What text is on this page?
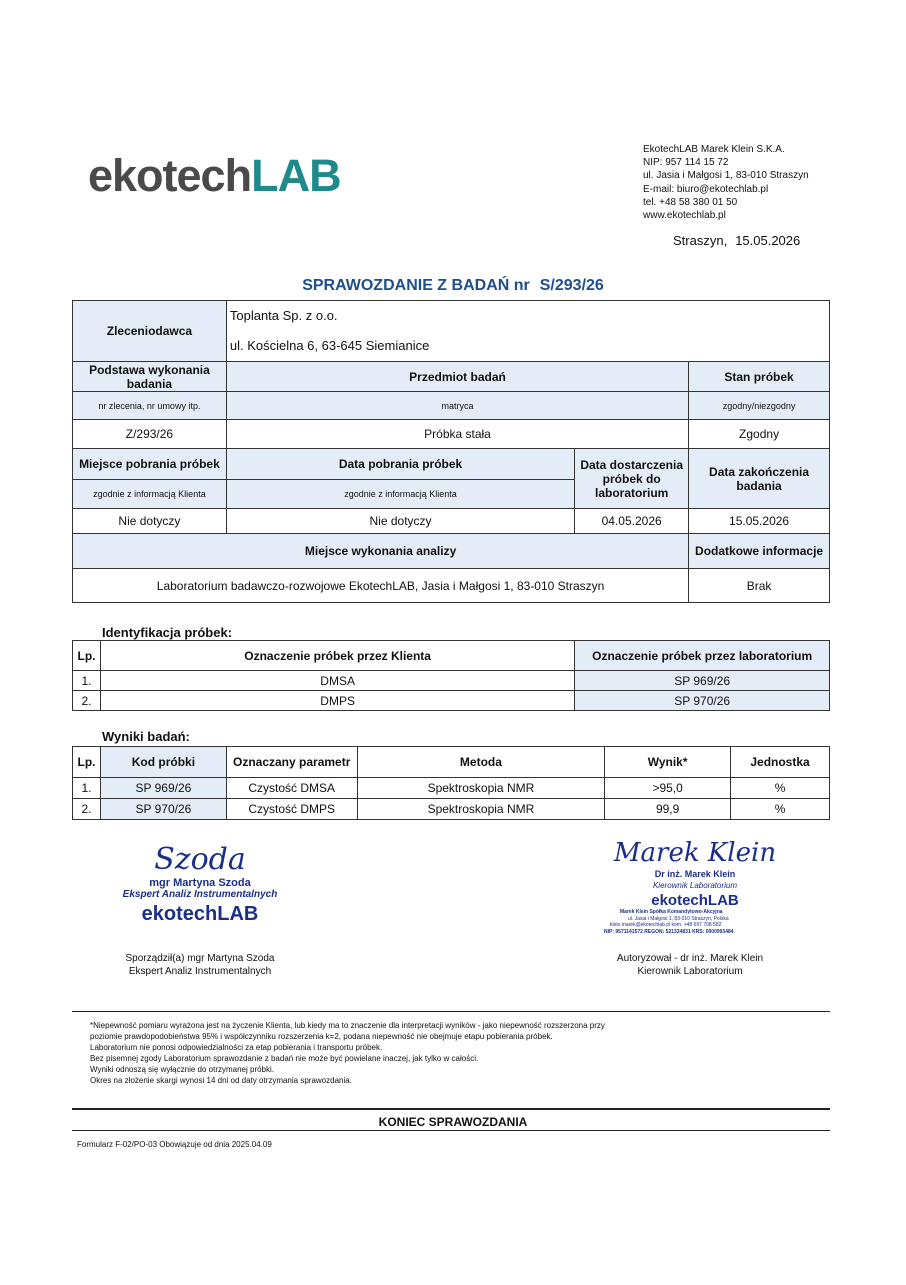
ekotechLAB
EkotechLAB Marek Klein S.K.A.
NIP: 957 114 15 72
ul. Jasia i Małgosi 1, 83-010 Straszyn
E-mail: biuro@ekotechlab.pl
tel. +48 58 380 01 50
www.ekotechlab.pl
Straszyn, 15.05.2026
SPRAWOZDANIE Z BADAŃ nr S/293/26
Zleceniodawca	Toplanta Sp. z o.o.
ul. Kościelna 6, 63-645 Siemianice		

Podstawa wykonania badania	Przedmiot badań		Stan próbek
nr zlecenia, nr umowy itp.	matryca		zgodny/niezgodny
Z/293/26	Próbka stała		Zgodny
Miejsce pobrania próbek	Data pobrania próbek	Data dostarczenia próbek do laboratorium	Data zakończenia badania
zgodnie z informacją Klienta	zgodnie z informacją Klienta		
Nie dotyczy	Nie dotyczy	04.05.2026	15.05.2026
Miejsce wykonania analizy			Dodatkowe informacje
Laboratorium badawczo-rozwojowe EkotechLAB, Jasia i Małgosi 1, 83-010 Straszyn			Brak
Identyfikacja próbek:
Lp.	Oznaczenie próbek przez Klienta	Oznaczenie próbek przez laboratorium
1.	DMSA	SP 969/26
2.	DMPS	SP 970/26
Wyniki badań:
Lp.	Kod próbki	Oznaczany parametr	Metoda	Wynik*	Jednostka
1.	SP 969/26	Czystość DMSA	Spektroskopia NMR	>95,0	%
2.	SP 970/26	Czystość DMPS	Spektroskopia NMR	99,9	%
Szoda
mgr Martyna Szoda
Ekspert Analiz Instrumentalnych
ekotechLAB
Sporządził(a) mgr Martyna Szoda
Ekspert Analiz Instrumentalnych
Marek Klein
Dr inż. Marek Klein
Kierownik Laboratorium
ekotechLAB
Marek Klein Spółka Komandytowo-Akcyjna
ul. Jasia i Małgosi 1, 83-010 Straszyn, Polska
klein.marek@ekotechlab.pl kom. +48 697 708 582
NIP: 9571141572 REGON: 521324831 KRS: 0000993484
Autoryzował - dr inż. Marek Klein
Kierownik Laboratorium
*Niepewność pomiaru wyrażona jest na życzenie Klienta, lub kiedy ma to znaczenie dla interpretacji wyników - jako niepewność rozszerzona przy
poziomie prawdopodobieństwa 95% i współczynniku rozszerzenia k=2, podana niepewność nie obejmuje etapu pobierania próbek.
Laboratorium nie ponosi odpowiedzialności za etap pobierania i transportu próbek.
Bez pisemnej zgody Laboratorium sprawozdanie z badań nie może być powielane inaczej, jak tylko w całości.
Wyniki odnoszą się wyłącznie do otrzymanej próbki.
Okres na złożenie skargi wynosi 14 dni od daty otrzymania sprawozdania.
KONIEC SPRAWOZDANIA
Formularz F-02/PO-03 Obowiązuje od dnia 2025.04.09
